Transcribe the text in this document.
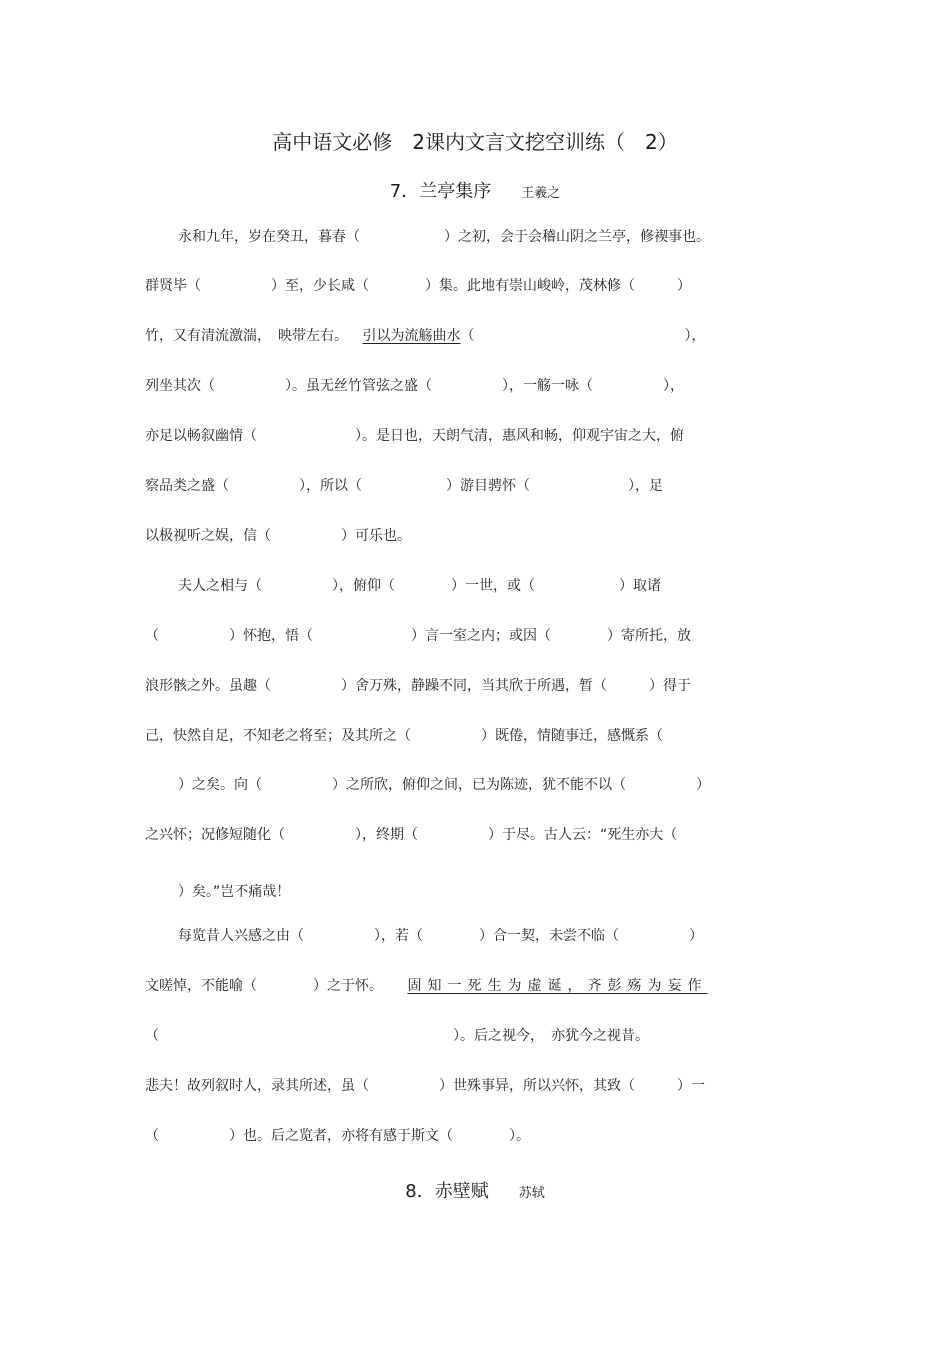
高中语文必修　2课内文言文挖空训练（　2）
7．兰亭集序 王羲之
永和九年，岁在癸丑，暮春（　　　　　　）之初，会于会稽山阴之兰亭，修禊事也。
群贤毕（　　　　　）至，少长咸（　　　　）集。此地有崇山峻岭，茂林修（　　　）
竹，又有清流激湍，　映带左右。 引以为流觞曲水（　　　　　　　　　　　　　　　），
列坐其次（　　　　　）。虽无丝竹管弦之盛（　　　　　），一觞一咏（　　　　　），
亦足以畅叙幽情（　　　　　　　）。是日也，天朗气清，惠风和畅，仰观宇宙之大，俯
察品类之盛（　　　　　），所以（　　　　　　）游目骋怀（　　　　　　　），足
以极视听之娱，信（　　　　　）可乐也。
夫人之相与（　　　　　），俯仰（　　　　）一世，或（　　　　　　）取诸
（　　　　　）怀抱，悟（　　　　　　　）言一室之内；或因（　　　　）寄所托，放
浪形骸之外。虽趣（　　　　　）舍万殊，静躁不同，当其欣于所遇，暂（　　　）得于
己，快然自足，不知老之将至；及其所之（　　　　　）既倦，情随事迁，感慨系（
）之矣。向（　　　　　）之所欣，俯仰之间，已为陈迹，犹不能不以（　　　　　）
之兴怀；况修短随化（　　　　　），终期（　　　　　）于尽。古人云：“死生亦大（
）矣。”岂不痛哉！
每览昔人兴感之由（　　　　　），若（　　　　）合一契，未尝不临（　　　　　）
文嗟悼，不能喻（　　　　）之于怀。 固知一死生为虚诞，齐彭殇为妄作
（　　　　　　　　　　　　　　　　　　　　　）。后之视今，　亦犹今之视昔。
悲夫！故列叙时人，录其所述，虽（　　　　　）世殊事异，所以兴怀，其致（　　　）一
（　　　　　）也。后之览者，亦将有感于斯文（　　　　）。
8．赤壁赋 苏轼
